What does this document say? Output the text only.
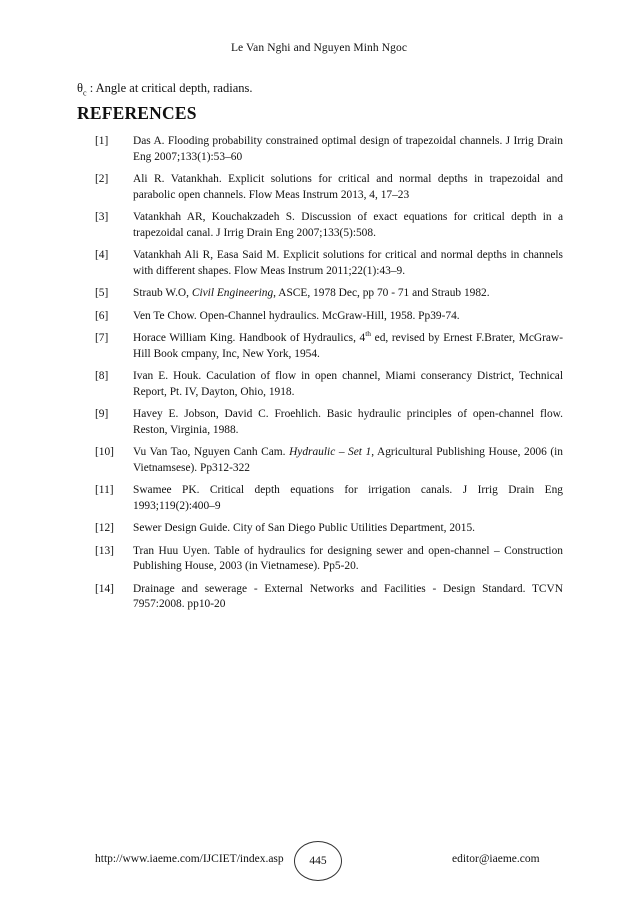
Le Van Nghi and Nguyen Minh Ngoc
$\theta_c$ : Angle at critical depth, radians.
REFERENCES
[1]	Das A. Flooding probability constrained optimal design of trapezoidal channels. J Irrig Drain Eng 2007;133(1):53–60
[2]	Ali R. Vatankhah. Explicit solutions for critical and normal depths in trapezoidal and parabolic open channels. Flow Meas Instrum 2013, 4, 17–23
[3]	Vatankhah AR, Kouchakzadeh S. Discussion of exact equations for critical depth in a trapezoidal canal. J Irrig Drain Eng 2007;133(5):508.
[4]	Vatankhah Ali R, Easa Said M. Explicit solutions for critical and normal depths in channels with different shapes. Flow Meas Instrum 2011;22(1):43–9.
[5]	Straub W.O, Civil Engineering, ASCE, 1978 Dec, pp 70 - 71 and Straub 1982.
[6]	Ven Te Chow. Open-Channel hydraulics. McGraw-Hill, 1958. Pp39-74.
[7]	Horace William King. Handbook of Hydraulics, 4th ed, revised by Ernest F.Brater, McGraw-Hill Book cmpany, Inc, New York, 1954.
[8]	Ivan E. Houk. Caculation of flow in open channel, Miami conserancy District, Technical Report, Pt. IV, Dayton, Ohio, 1918.
[9]	Havey E. Jobson, David C. Froehlich. Basic hydraulic principles of open-channel flow. Reston, Virginia, 1988.
[10]	Vu Van Tao, Nguyen Canh Cam. Hydraulic – Set 1, Agricultural Publishing House, 2006 (in Vietnamsese). Pp312-322
[11]	Swamee PK. Critical depth equations for irrigation canals. J Irrig Drain Eng 1993;119(2):400–9
[12]	Sewer Design Guide. City of San Diego Public Utilities Department, 2015.
[13]	Tran Huu Uyen. Table of hydraulics for designing sewer and open-channel – Construction Publishing House, 2003 (in Vietnamese). Pp5-20.
[14]	Drainage and sewerage - External Networks and Facilities - Design Standard. TCVN 7957:2008. pp10-20
http://www.iaeme.com/IJCIET/index.asp 445	editor@iaeme.com
